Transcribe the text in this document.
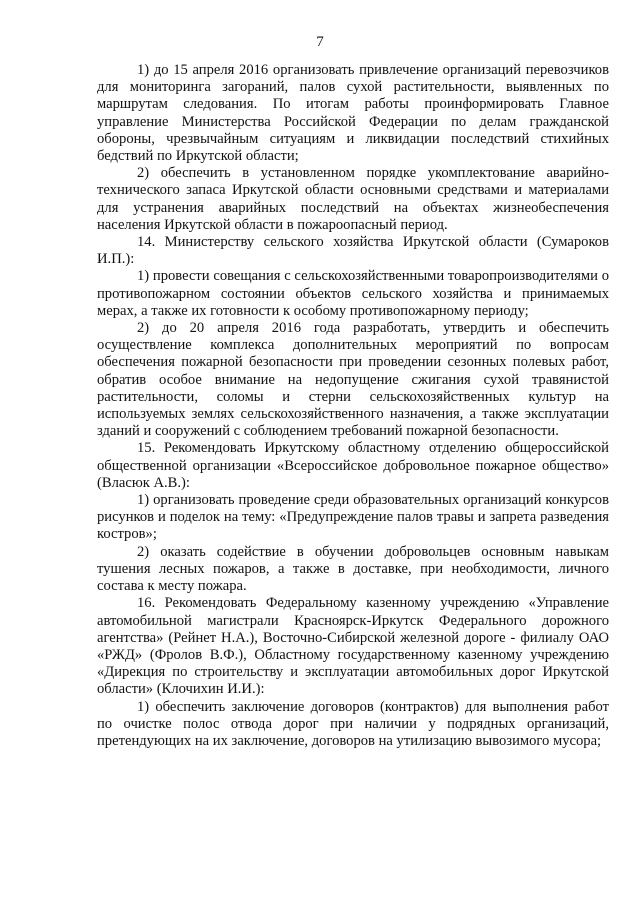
7

1) до 15 апреля 2016 организовать привлечение организаций перевозчиков для мониторинга загораний, палов сухой растительности, выявленных по маршрутам следования. По итогам работы проинформировать Главное управление Министерства Российской Федерации по делам гражданской обороны, чрезвычайным ситуациям и ликвидации последствий стихийных бедствий по Иркутской области;

2) обеспечить в установленном порядке укомплектование аварийно-технического запаса Иркутской области основными средствами и материалами для устранения аварийных последствий на объектах жизнеобеспечения населения Иркутской области в пожароопасный период.

14. Министерству сельского хозяйства Иркутской области (Сумароков И.П.):

1) провести совещания с сельскохозяйственными товаропроизводителями о противопожарном состоянии объектов сельского хозяйства и принимаемых мерах, а также их готовности к особому противопожарному периоду;

2) до 20 апреля 2016 года разработать, утвердить и обеспечить осуществление комплекса дополнительных мероприятий по вопросам обеспечения пожарной безопасности при проведении сезонных полевых работ, обратив особое внимание на недопущение сжигания сухой травянистой растительности, соломы и стерни сельскохозяйственных культур на используемых землях сельскохозяйственного назначения, а также эксплуатации зданий и сооружений с соблюдением требований пожарной безопасности.

15. Рекомендовать Иркутскому областному отделению общероссийской общественной организации «Всероссийское добровольное пожарное общество» (Власюк А.В.):

1) организовать проведение среди образовательных организаций конкурсов рисунков и поделок на тему: «Предупреждение палов травы и запрета разведения костров»;

2) оказать содействие в обучении добровольцев основным навыкам тушения лесных пожаров, а также в доставке, при необходимости, личного состава к месту пожара.

16. Рекомендовать Федеральному казенному учреждению «Управление автомобильной магистрали Красноярск-Иркутск Федерального дорожного агентства» (Рейнет Н.А.), Восточно-Сибирской железной дороге - филиалу ОАО «РЖД» (Фролов В.Ф.), Областному государственному казенному учреждению «Дирекция по строительству и эксплуатации автомобильных дорог Иркутской области» (Клочихин И.И.):

1) обеспечить заключение договоров (контрактов) для выполнения работ по очистке полос отвода дорог при наличии у подрядных организаций, претендующих на их заключение, договоров на утилизацию вывозимого мусора;
